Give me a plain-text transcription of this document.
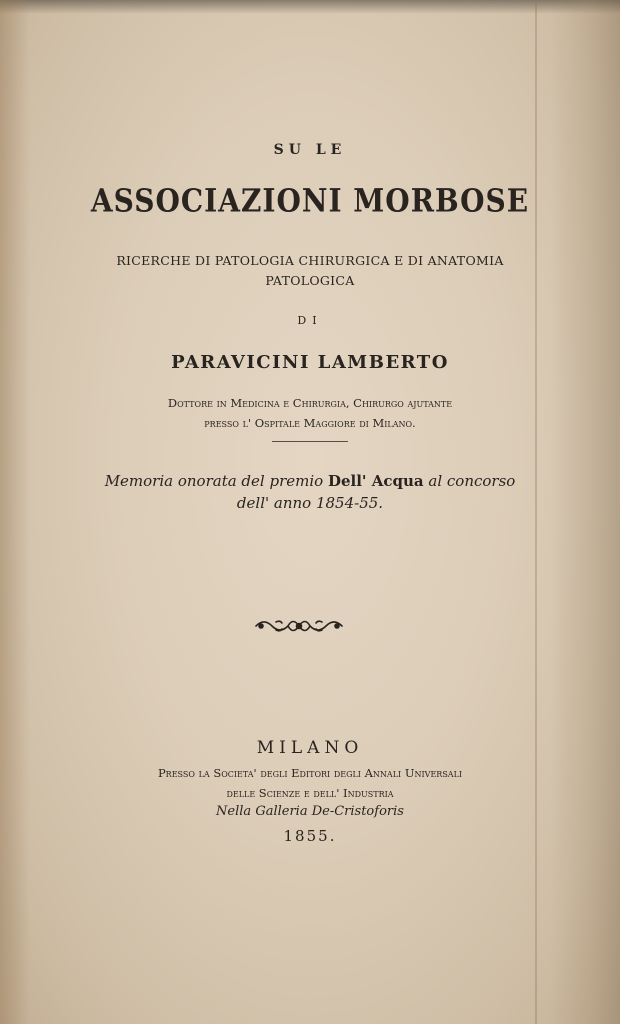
SU LE
ASSOCIAZIONI MORBOSE
RICERCHE DI PATOLOGIA CHIRURGICA E DI ANATOMIA
PATOLOGICA
DI
PARAVICINI LAMBERTO
Dottore in Medicina e Chirurgia, Chirurgo ajutante
presso l' Ospitale Maggiore di Milano.
Memoria onorata del premio Dell' Acqua al concorso
dell' anno 1854-55.
MILANO
Presso la Societa' degli Editori degli Annali Universali
delle Scienze e dell' Industria
Nella Galleria De-Cristoforis
1855.
